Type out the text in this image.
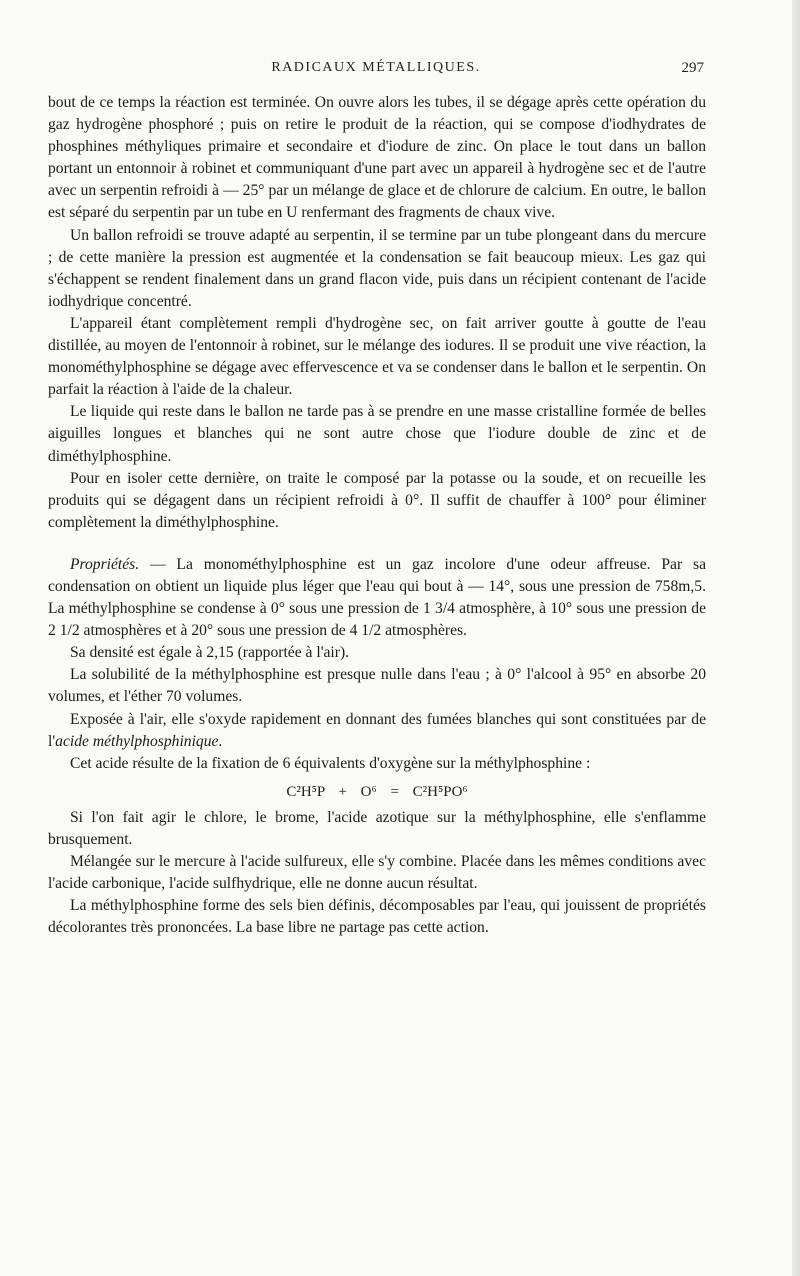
RADICAUX MÉTALLIQUES.	297

bout de ce temps la réaction est terminée. On ouvre alors les tubes, il se dégage après cette opération du gaz hydrogène phosphoré ; puis on retire le produit de la réaction, qui se compose d'iodhydrates de phosphines méthyliques primaire et secondaire et d'iodure de zinc. On place le tout dans un ballon portant un entonnoir à robinet et communiquant d'une part avec un appareil à hydrogène sec et de l'autre avec un serpentin refroidi à — 25° par un mélange de glace et de chlorure de calcium. En outre, le ballon est séparé du serpentin par un tube en U renfermant des fragments de chaux vive.

Un ballon refroidi se trouve adapté au serpentin, il se termine par un tube plongeant dans du mercure ; de cette manière la pression est augmentée et la condensation se fait beaucoup mieux. Les gaz qui s'échappent se rendent finalement dans un grand flacon vide, puis dans un récipient contenant de l'acide iodhydrique concentré.

L'appareil étant complètement rempli d'hydrogène sec, on fait arriver goutte à goutte de l'eau distillée, au moyen de l'entonnoir à robinet, sur le mélange des iodures. Il se produit une vive réaction, la monométhylphosphine se dégage avec effervescence et va se condenser dans le ballon et le serpentin. On parfait la réaction à l'aide de la chaleur.

Le liquide qui reste dans le ballon ne tarde pas à se prendre en une masse cristalline formée de belles aiguilles longues et blanches qui ne sont autre chose que l'iodure double de zinc et de diméthylphosphine.

Pour en isoler cette dernière, on traite le composé par la potasse ou la soude, et on recueille les produits qui se dégagent dans un récipient refroidi à 0°. Il suffit de chauffer à 100° pour éliminer complètement la diméthylphosphine.

Propriétés. — La monométhylphosphine est un gaz incolore d'une odeur affreuse. Par sa condensation on obtient un liquide plus léger que l'eau qui bout à — 14°, sous une pression de 758m,5. La méthylphosphine se condense à 0° sous une pression de 1 3/4 atmosphère, à 10° sous une pression de 2 1/2 atmosphères et à 20° sous une pression de 4 1/2 atmosphères.

Sa densité est égale à 2,15 (rapportée à l'air).

La solubilité de la méthylphosphine est presque nulle dans l'eau ; à 0° l'alcool à 95° en absorbe 20 volumes, et l'éther 70 volumes.

Exposée à l'air, elle s'oxyde rapidement en donnant des fumées blanches qui sont constituées par de l'acide méthylphosphinique.

Cet acide résulte de la fixation de 6 équivalents d'oxygène sur la méthylphosphine :

C²H⁵P + O⁶ = C²H⁵PO⁶

Si l'on fait agir le chlore, le brome, l'acide azotique sur la méthylphosphine, elle s'enflamme brusquement.

Mélangée sur le mercure à l'acide sulfureux, elle s'y combine. Placée dans les mêmes conditions avec l'acide carbonique, l'acide sulfhydrique, elle ne donne aucun résultat.

La méthylphosphine forme des sels bien définis, décomposables par l'eau, qui jouissent de propriétés décolorantes très prononcées. La base libre ne partage pas cette action.
